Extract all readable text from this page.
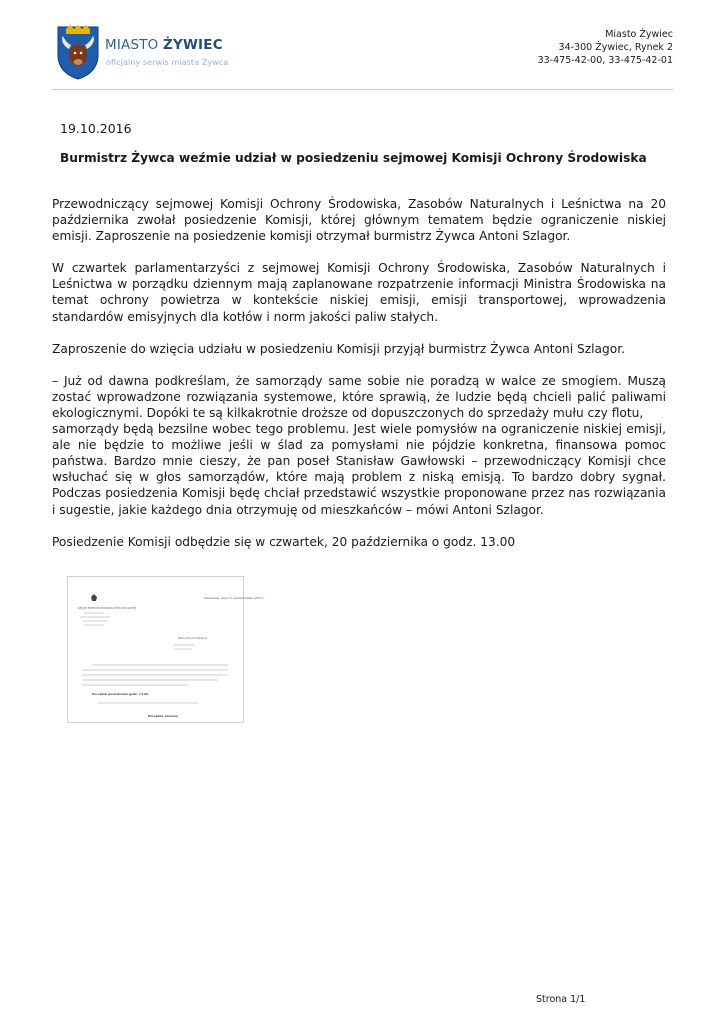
MIASTO ŻYWIEC
oficjalny serwis miasta Żywca
Miasto Żywiec
34-300 Żywiec, Rynek 2
33-475-42-00, 33-475-42-01
19.10.2016
Burmistrz Żywca weźmie udział w posiedzeniu sejmowej Komisji Ochrony Środowiska

Przewodniczący sejmowej Komisji Ochrony Środowiska, Zasobów Naturalnych i Leśnictwa na 20 października zwołał posiedzenie Komisji, której głównym tematem będzie ograniczenie niskiej emisji. Zaproszenie na posiedzenie komisji otrzymał burmistrz Żywca Antoni Szlagor.

W czwartek parlamentarzyści z sejmowej Komisji Ochrony Środowiska, Zasobów Naturalnych i Leśnictwa w porządku dziennym mają zaplanowane rozpatrzenie informacji Ministra Środowiska na temat ochrony powietrza w kontekście niskiej emisji, emisji transportowej, wprowadzenia standardów emisyjnych dla kotłów i norm jakości paliw stałych.

Zaproszenie do wzięcia udziału w posiedzeniu Komisji przyjął burmistrz Żywca Antoni Szlagor.

– Już od dawna podkreślam, że samorządy same sobie nie poradzą w walce ze smogiem. Muszą zostać wprowadzone rozwiązania systemowe, które sprawią, że ludzie będą chcieli palić paliwami ekologicznymi. Dopóki te są kilkakrotnie droższe od dopuszczonych do sprzedaży mułu czy flotu,
samorządy będą bezsilne wobec tego problemu. Jest wiele pomysłów na ograniczenie niskiej emisji, ale nie będzie to możliwe jeśli w ślad za pomysłami nie pójdzie konkretna, finansowa pomoc państwa. Bardzo mnie cieszy, że pan poseł Stanisław Gawłowski – przewodniczący Komisji chce wsłuchać się w głos samorządów, które mają problem z niską emisją. To bardzo dobry sygnał. Podczas posiedzenia Komisji będę chciał przedstawić wszystkie proponowane przez nas rozwiązania i sugestie, jakie każdego dnia otrzymuję od mieszkańców – mówi Antoni Szlagor.

Posiedzenie Komisji odbędzie się w czwartek, 20 października o godz. 13.00

Warszawa, dnia 13 października 2016 r.
SEJM RZECZYPOSPOLITEJ POLSKIEJ
Pan Antoni Szlagor
Początek posiedzenia godz. 13.00
Porządek dzienny:
Strona 1/1
